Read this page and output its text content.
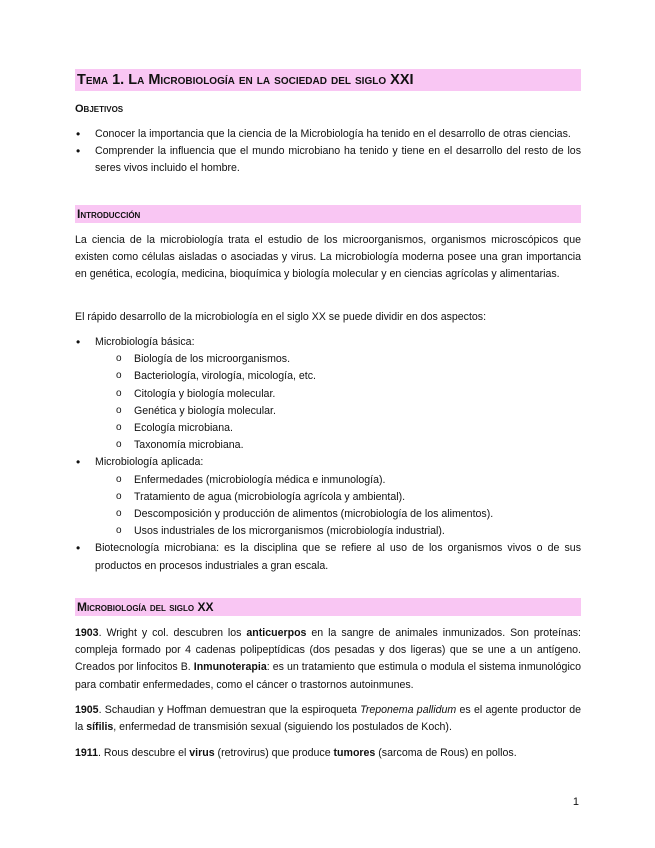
Tema 1. La Microbiología en la sociedad del siglo XXI
Objetivos
• Conocer la importancia que la ciencia de la Microbiología ha tenido en el desarrollo de otras ciencias.
• Comprender la influencia que el mundo microbiano ha tenido y tiene en el desarrollo del resto de los seres vivos incluido el hombre.
Introducción
La ciencia de la microbiología trata el estudio de los microorganismos, organismos microscópicos que existen como células aisladas o asociadas y virus. La microbiología moderna posee una gran importancia en genética, ecología, medicina, bioquímica y biología molecular y en ciencias agrícolas y alimentarias.
El rápido desarrollo de la microbiología en el siglo XX se puede dividir en dos aspectos:
• Microbiología básica:
o Biología de los microorganismos.
o Bacteriología, virología, micología, etc.
o Citología y biología molecular.
o Genética y biología molecular.
o Ecología microbiana.
o Taxonomía microbiana.
• Microbiología aplicada:
o Enfermedades (microbiología médica e inmunología).
o Tratamiento de agua (microbiología agrícola y ambiental).
o Descomposición y producción de alimentos (microbiología de los alimentos).
o Usos industriales de los microrganismos (microbiología industrial).
• Biotecnología microbiana: es la disciplina que se refiere al uso de los organismos vivos o de sus productos en procesos industriales a gran escala.
Microbiología del siglo XX
1903. Wright y col. descubren los anticuerpos en la sangre de animales inmunizados. Son proteínas: compleja formado por 4 cadenas polipeptídicas (dos pesadas y dos ligeras) que se une a un antígeno. Creados por linfocitos B. Inmunoterapia: es un tratamiento que estimula o modula el sistema inmunológico para combatir enfermedades, como el cáncer o trastornos autoinmunes.
1905. Schaudian y Hoffman demuestran que la espiroqueta Treponema pallidum es el agente productor de la sífilis, enfermedad de transmisión sexual (siguiendo los postulados de Koch).
1911. Rous descubre el virus (retrovirus) que produce tumores (sarcoma de Rous) en pollos.
1
